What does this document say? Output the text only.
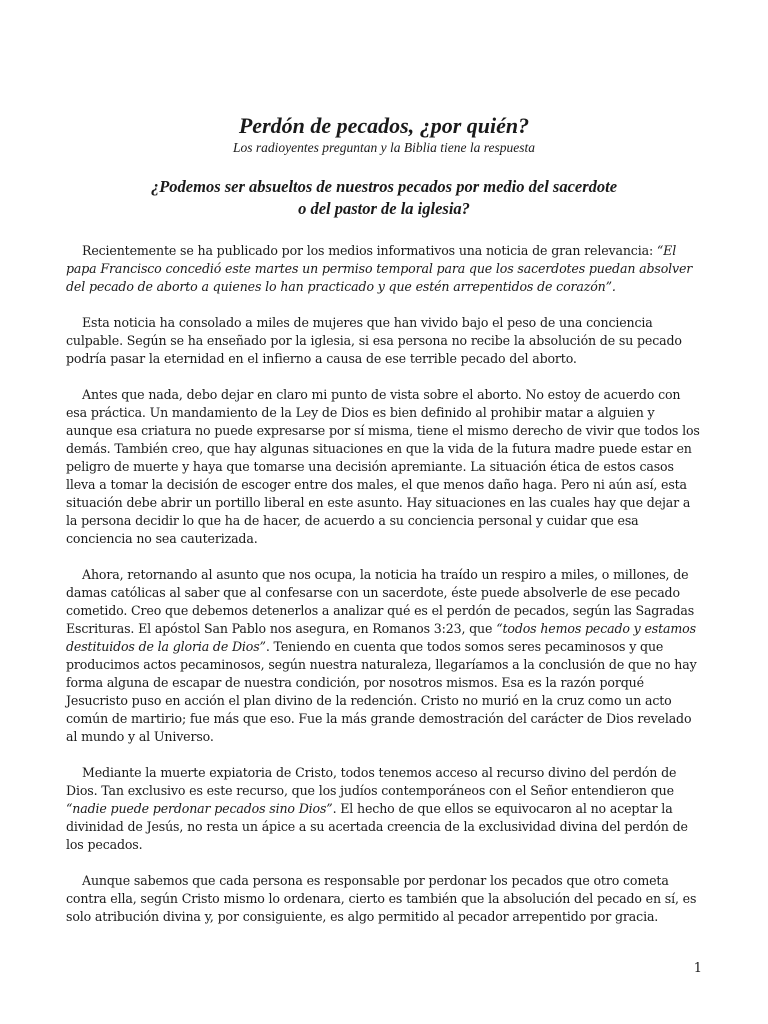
Perdón de pecados, ¿por quién?
Los radioyentes preguntan y la Biblia tiene la respuesta
¿Podemos ser absueltos de nuestros pecados por medio del sacerdote
o del pastor de la iglesia?

Recientemente se ha publicado por los medios informativos una noticia de gran relevancia: “El papa Francisco concedió este martes un permiso temporal para que los sacerdotes puedan absolver del pecado de aborto a quienes lo han practicado y que estén arrepentidos de corazón”.

Esta noticia ha consolado a miles de mujeres que han vivido bajo el peso de una conciencia culpable. Según se ha enseñado por la iglesia, si esa persona no recibe la absolución de su pecado podría pasar la eternidad en el infierno a causa de ese terrible pecado del aborto.

Antes que nada, debo dejar en claro mi punto de vista sobre el aborto. No estoy de acuerdo con esa práctica. Un mandamiento de la Ley de Dios es bien definido al prohibir matar a alguien y aunque esa criatura no puede expresarse por sí misma, tiene el mismo derecho de vivir que todos los demás. También creo, que hay algunas situaciones en que la vida de la futura madre puede estar en peligro de muerte y haya que tomarse una decisión apremiante. La situación ética de estos casos lleva a tomar la decisión de escoger entre dos males, el que menos daño haga. Pero ni aún así, esta situación debe abrir un portillo liberal en este asunto. Hay situaciones en las cuales hay que dejar a la persona decidir lo que ha de hacer, de acuerdo a su conciencia personal y cuidar que esa conciencia no sea cauterizada.

Ahora, retornando al asunto que nos ocupa, la noticia ha traído un respiro a miles, o millones, de damas católicas al saber que al confesarse con un sacerdote, éste puede absolverle de ese pecado cometido. Creo que debemos detenerlos a analizar qué es el perdón de pecados, según las Sagradas Escrituras. El apóstol San Pablo nos asegura, en Romanos 3:23, que “todos hemos pecado y estamos destituidos de la gloria de Dios”. Teniendo en cuenta que todos somos seres pecaminosos y que producimos actos pecaminosos, según nuestra naturaleza, llegaríamos a la conclusión de que no hay forma alguna de escapar de nuestra condición, por nosotros mismos. Esa es la razón porqué Jesucristo puso en acción el plan divino de la redención. Cristo no murió en la cruz como un acto común de martirio; fue más que eso. Fue la más grande demostración del carácter de Dios revelado al mundo y al Universo.

Mediante la muerte expiatoria de Cristo, todos tenemos acceso al recurso divino del perdón de Dios. Tan exclusivo es este recurso, que los judíos contemporáneos con el Señor entendieron que “nadie puede perdonar pecados sino Dios”. El hecho de que ellos se equivocaron al no aceptar la divinidad de Jesús, no resta un ápice a su acertada creencia de la exclusividad divina del perdón de los pecados.

Aunque sabemos que cada persona es responsable por perdonar los pecados que otro cometa contra ella, según Cristo mismo lo ordenara, cierto es también que la absolución del pecado en sí, es solo atribución divina y, por consiguiente, es algo permitido al pecador arrepentido por gracia.

1
